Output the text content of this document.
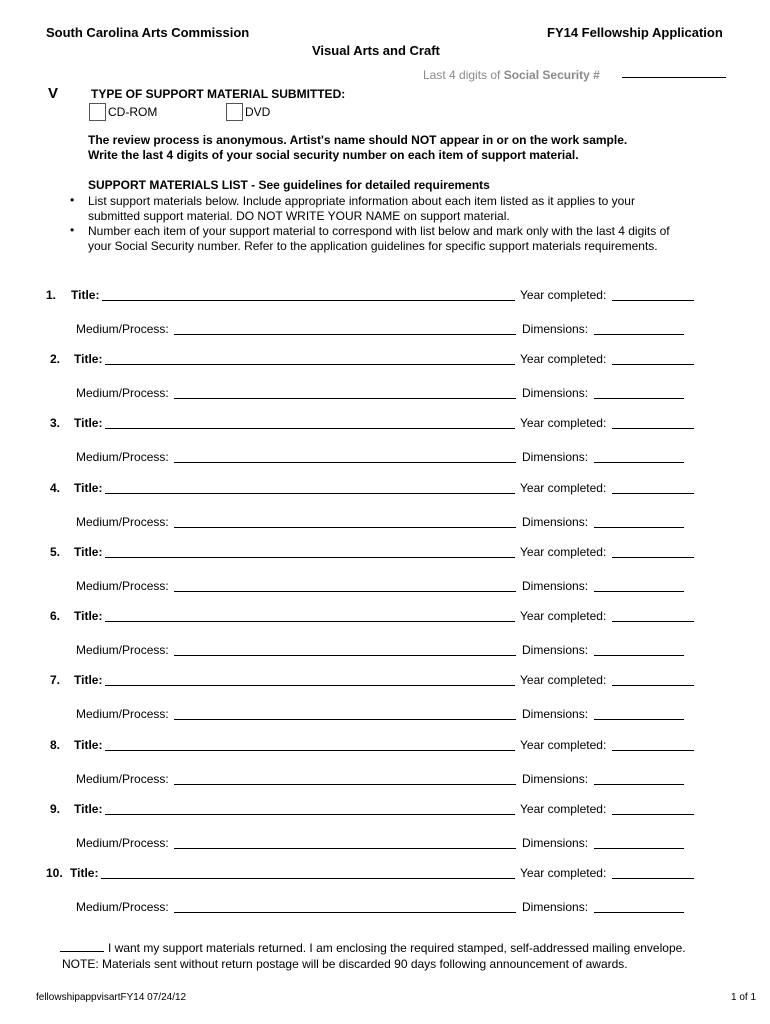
South Carolina Arts Commission	FY14 Fellowship Application
Visual Arts and Craft
Last 4 digits of Social Security #
V	TYPE OF SUPPORT MATERIAL SUBMITTED:
CD-ROM	DVD
The review process is anonymous. Artist's name should NOT appear in or on the work sample.
Write the last 4 digits of your social security number on each item of support material.
SUPPORT MATERIALS LIST - See guidelines for detailed requirements
• List support materials below. Include appropriate information about each item listed as it applies to your
submitted support material. DO NOT WRITE YOUR NAME on support material.
• Number each item of your support material to correspond with list below and mark only with the last 4 digits of
your Social Security number. Refer to the application guidelines for specific support materials requirements.
1. Title:	Year completed:
Medium/Process:	Dimensions:
2. Title:	Year completed:
Medium/Process:	Dimensions:
3. Title:	Year completed:
Medium/Process:	Dimensions:
4. Title:	Year completed:
Medium/Process:	Dimensions:
5. Title:	Year completed:
Medium/Process:	Dimensions:
6. Title:	Year completed:
Medium/Process:	Dimensions:
7. Title:	Year completed:
Medium/Process:	Dimensions:
8. Title:	Year completed:
Medium/Process:	Dimensions:
9. Title:	Year completed:
Medium/Process:	Dimensions:
10. Title:	Year completed:
Medium/Process:	Dimensions:
I want my support materials returned. I am enclosing the required stamped, self-addressed mailing envelope.
NOTE: Materials sent without return postage will be discarded 90 days following announcement of awards.
fellowshipappvisartFY14 07/24/12	1 of 1
